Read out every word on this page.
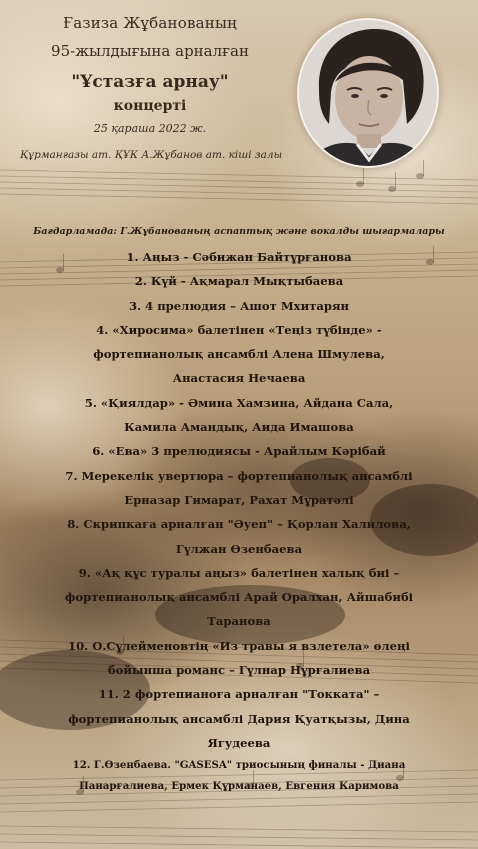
Ғазиза Жұбанованың
95-жылдығына арналған
"Ұстазға арнау"
концерті
25 қараша 2022 ж.
Құрманғазы ат. ҚҰК А.Жұбанов ат. кіші залы
Бағдарламада: Г.Жұбанованың аспаптық және вокалды шығармалары
1. Аңыз - Сәбижан Байтұрғанова
2. Күй - Ақмарал Мықтыбаева
3. 4 прелюдия – Ашот Мхитарян
4. «Хиросима» балетінен «Теңіз түбінде» -
фортепианолық ансамблі Алена Шмулева,
Анастасия Нечаева
5. «Қиялдар» - Әмина Хамзина, Айдана Сала,
Камила Амандық, Аида Имашова
6. «Ева» 3 прелюдиясы - Арайлым Кәрібай
7. Мерекелік увертюра – фортепианолық ансамблі
Ерназар Гимарат, Рахат Мұратәлі
8. Скрипкаға арналған "Әуеп" – Қорлан Халилова,
Гүлжан Өзенбаева
9. «Ақ құс туралы аңыз» балетінен халық биі –
фортепианолық ансамблі Арай Оралхан, Айшабибі
Таранова
10. О.Сүлейменовтің «Из травы я взлетела» өлеңі
бойынша романс – Гүлнар Нұрғалиева
11. 2 фортепианоға арналған "Токката" –
фортепианолық ансамблі Дария Қуатқызы, Дина
Ягудеева
12. Г.Өзенбаева. "GASESA" триосының финалы - Диана
Панарғалиева, Ермек Құрманаев, Евгения Каримова
